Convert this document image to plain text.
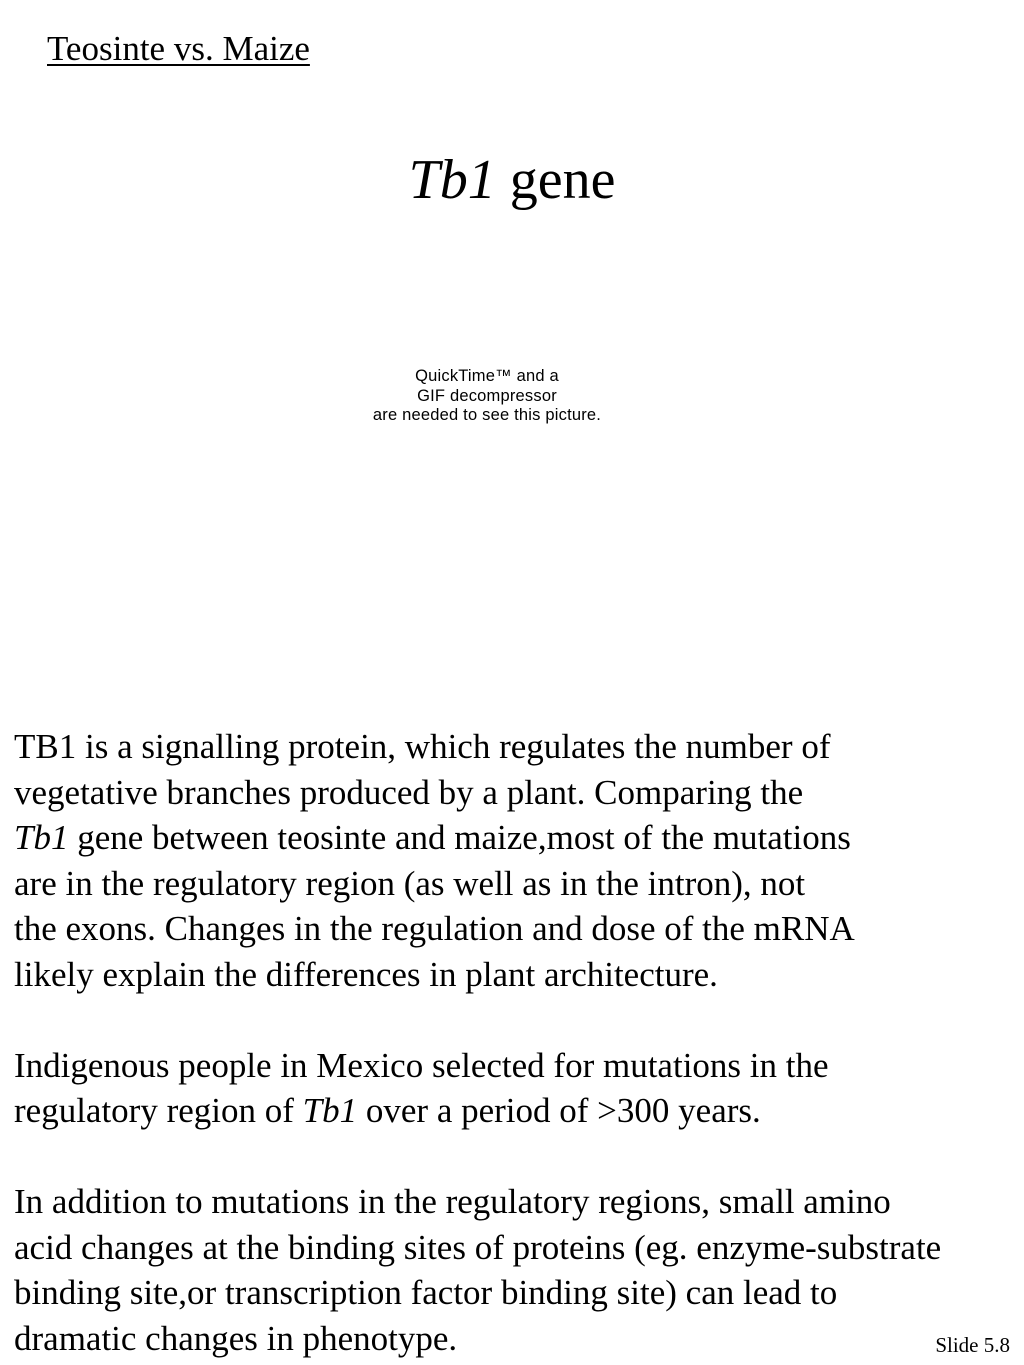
Teosinte vs. Maize
Tb1 gene
QuickTime™ and a
GIF decompressor
are needed to see this picture.
TB1 is a signalling protein, which regulates the number of
vegetative branches produced by a plant. Comparing the
Tb1 gene between teosinte and maize,most of the mutations
are in the regulatory region (as well as in the intron), not
the exons. Changes in the regulation and dose of the mRNA
likely explain the differences in plant architecture.
Indigenous people in Mexico selected for mutations in the
regulatory region of Tb1 over a period of >300 years.
In addition to mutations in the regulatory regions, small amino
acid changes at the binding sites of proteins (eg. enzyme-substrate
binding site,or transcription factor binding site) can lead to
dramatic changes in phenotype.	Slide 5.8
